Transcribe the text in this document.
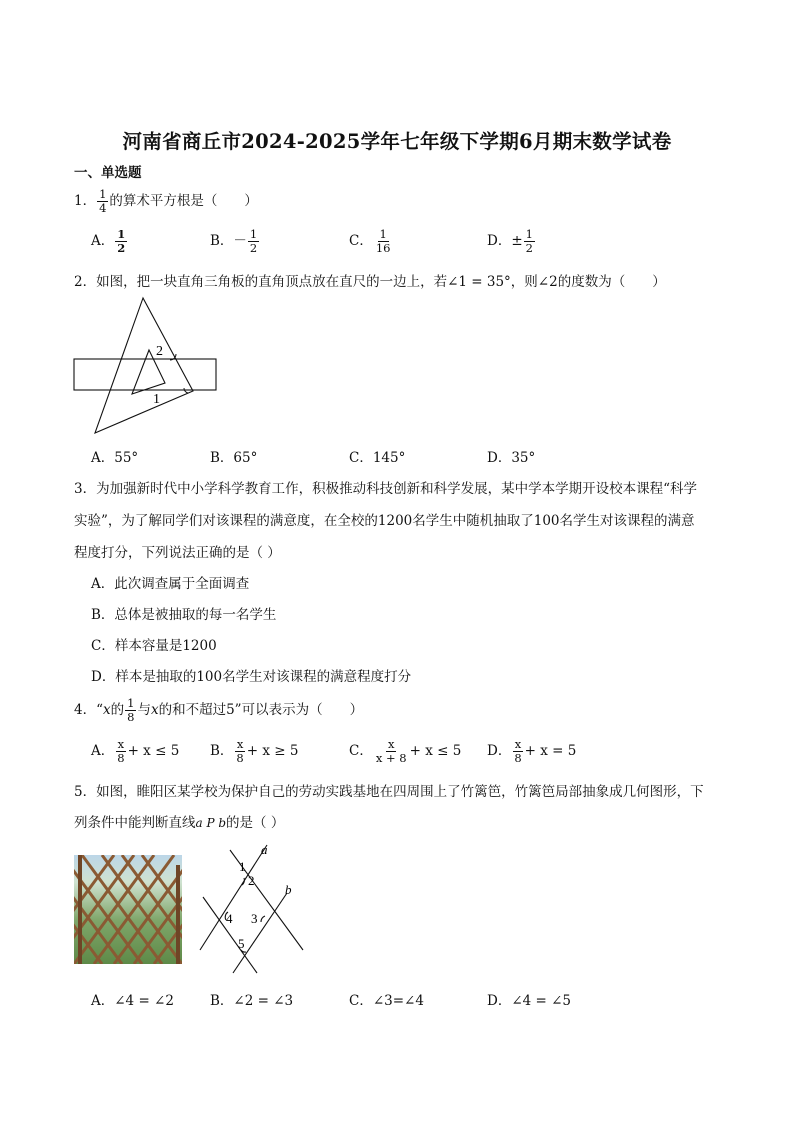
河南省商丘市2024-2025学年七年级下学期6月期末数学试卷
一、单选题
1． $\frac{1}{4}$ 的算术平方根是（　　）
A． $\frac{1}{2}$	B．－ $\frac{1}{2}$	C． $\frac{1}{16}$	D．± $\frac{1}{2}$
2．如图，把一块直角三角板的直角顶点放在直尺的一边上，若∠1 = 35°，则∠2的度数为（　　）
2
1
A．55°	B．65°	C．145°	D．35°
3．为加强新时代中小学科学教育工作，积极推动科技创新和科学发展，某中学本学期开设校本课程“科学
实验”，为了解同学们对该课程的满意度，在全校的1200名学生中随机抽取了100名学生对该课程的满意
程度打分，下列说法正确的是（ ）
A．此次调查属于全面调查
B．总体是被抽取的每一名学生
C．样本容量是1200
D．样本是抽取的100名学生对该课程的满意程度打分
4．“x的 $\frac{1}{8}$ 与x的和不超过5”可以表示为（　　）
A． $\frac{x}{8} + x \le 5$ B． $\frac{x}{8} + x \ge 5$	C． $\frac{x}{x + 8} + x \le 5$ D． $\frac{x}{8} + x = 5$
5．如图，睢阳区某学校为保护自己的劳动实践基地在四周围上了竹篱笆，竹篱笆局部抽象成几何图形，下
列条件中能判断直线a P b的是（ ）
a
b
1
2
3
4
5
A．∠4 = ∠2	B．∠2 = ∠3	C．∠3=∠4	D．∠4 = ∠5
